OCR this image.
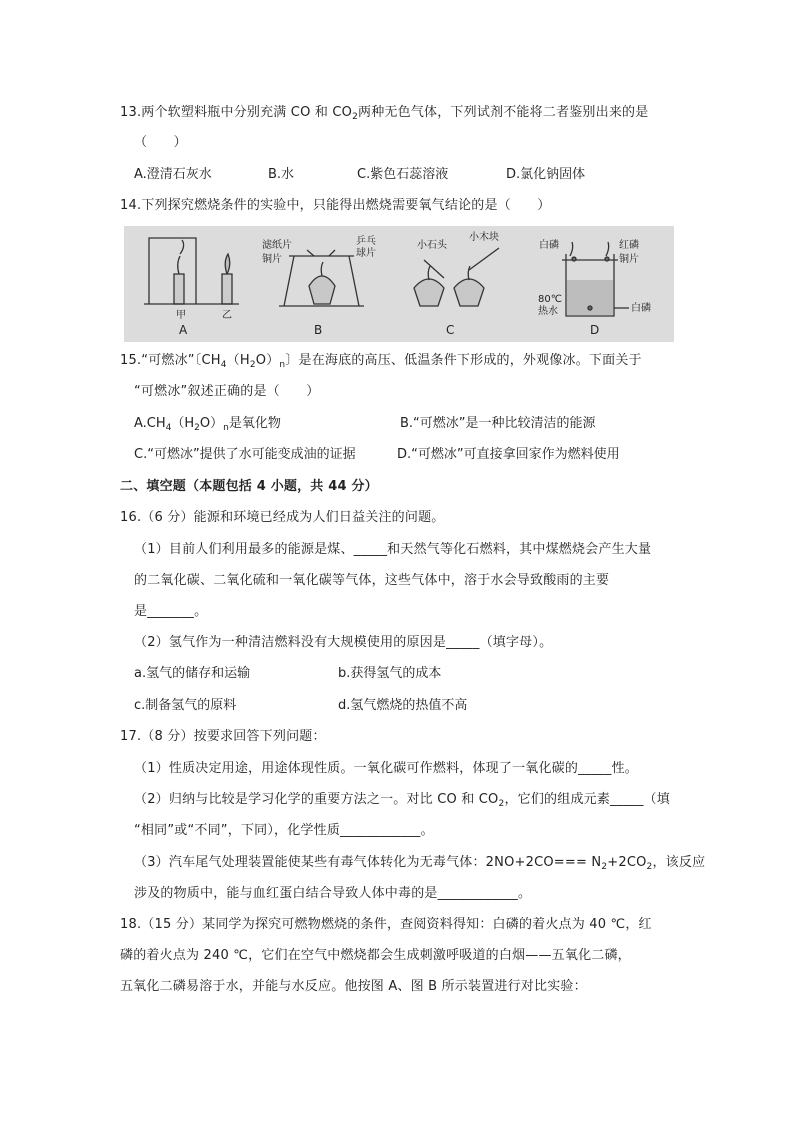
13.两个软塑料瓶中分别充满 CO 和 $CO_2$两种无色气体，下列试剂不能将二者鉴别出来的是
（　　）
A.澄清石灰水	B.水	C.紫色石蕊溶液	D.氯化钠固体
14.下列探究燃烧条件的实验中，只能得出燃烧需要氧气结论的是（　　）
甲	乙
A
滤纸片
铜片
乒乓
球片
B
小石头
小木块
C
白磷	红磷
铜片
80℃
热水	白磷
D
15.“可燃冰”〔$CH_4(H_2O)_n$〕是在海底的高压、低温条件下形成的，外观像冰。下面关于
“可燃冰”叙述正确的是（　　）
$A.CH_4(H_2O)_n$是氧化物	B.“可燃冰”是一种比较清洁的能源
C.“可燃冰”提供了水可能变成油的证据	D.“可燃冰”可直接拿回家作为燃料使用
二、填空题（本题包括 4 小题，共 44 分）
16.（6 分）能源和环境已经成为人们日益关注的问题。
（1）目前人们利用最多的能源是煤、_____和天然气等化石燃料，其中煤燃烧会产生大量
的二氧化碳、二氧化硫和一氧化碳等气体，这些气体中，溶于水会导致酸雨的主要
是_______。
（2）氢气作为一种清洁燃料没有大规模使用的原因是_____（填字母）。
a.氢气的储存和运输	b.获得氢气的成本
c.制备氢气的原料	d.氢气燃烧的热值不高
17.（8 分）按要求回答下列问题：
（1）性质决定用途，用途体现性质。一氧化碳可作燃料，体现了一氧化碳的_____性。
（2）归纳与比较是学习化学的重要方法之一。对比 CO 和 $CO_2$，它们的组成元素_____（填
“相同”或“不同”，下同），化学性质____________。
（3）汽车尾气处理装置能使某些有毒气体转化为无毒气体：$2NO+2CO=== N_2+2CO_2$，该反应
涉及的物质中，能与血红蛋白结合导致人体中毒的是____________。
18.（15 分）某同学为探究可燃物燃烧的条件，查阅资料得知：白磷的着火点为 40 ℃，红
磷的着火点为 240 ℃，它们在空气中燃烧都会生成刺激呼吸道的白烟——五氧化二磷，
五氧化二磷易溶于水，并能与水反应。他按图 A、图 B 所示装置进行对比实验：
